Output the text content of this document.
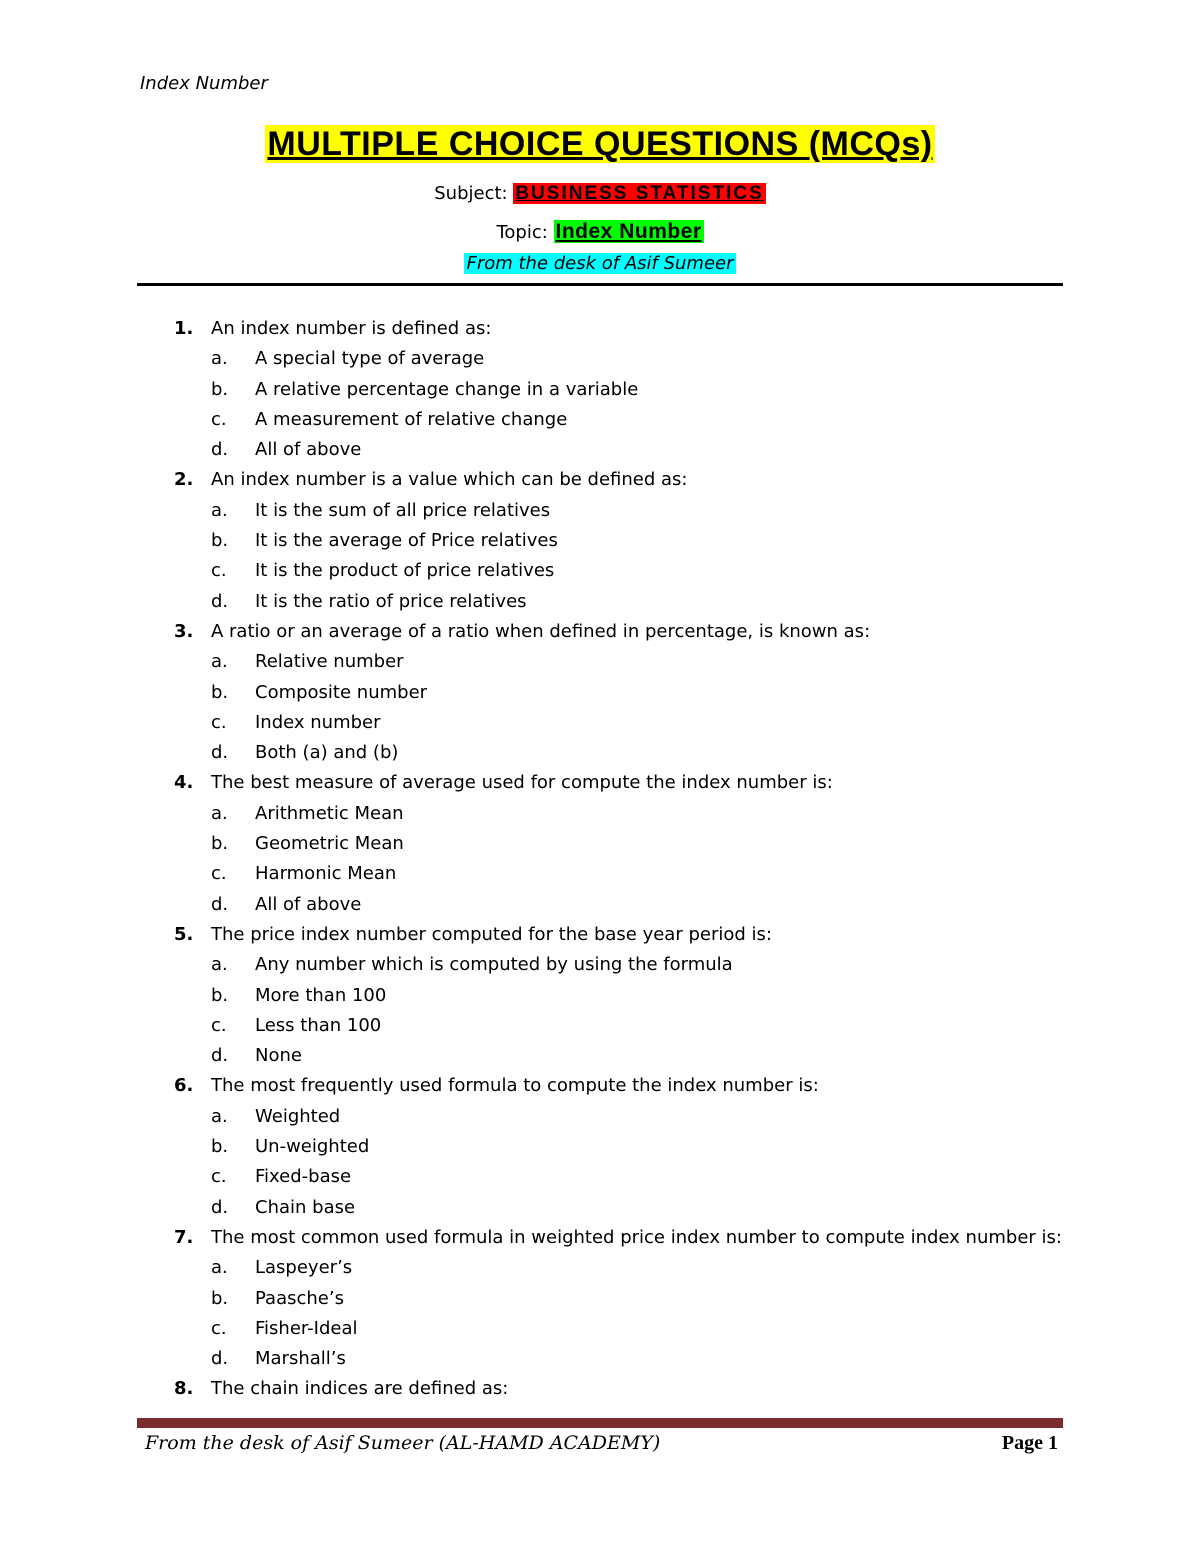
Index Number
MULTIPLE CHOICE QUESTIONS (MCQs)
Subject: BUSINESS STATISTICS
Topic: Index Number
From the desk of Asif Sumeer
1. An index number is defined as:
a. A special type of average
b. A relative percentage change in a variable
c. A measurement of relative change
d. All of above
2. An index number is a value which can be defined as:
a. It is the sum of all price relatives
b. It is the average of Price relatives
c. It is the product of price relatives
d. It is the ratio of price relatives
3. A ratio or an average of a ratio when defined in percentage, is known as:
a. Relative number
b. Composite number
c. Index number
d. Both (a) and (b)
4. The best measure of average used for compute the index number is:
a. Arithmetic Mean
b. Geometric Mean
c. Harmonic Mean
d. All of above
5. The price index number computed for the base year period is:
a. Any number which is computed by using the formula
b. More than 100
c. Less than 100
d. None
6. The most frequently used formula to compute the index number is:
a. Weighted
b. Un-weighted
c. Fixed-base
d. Chain base
7. The most common used formula in weighted price index number to compute index number is:
a. Laspeyer’s
b. Paasche’s
c. Fisher-Ideal
d. Marshall’s
8. The chain indices are defined as:
From the desk of Asif Sumeer (AL-HAMD ACADEMY)	Page 1
